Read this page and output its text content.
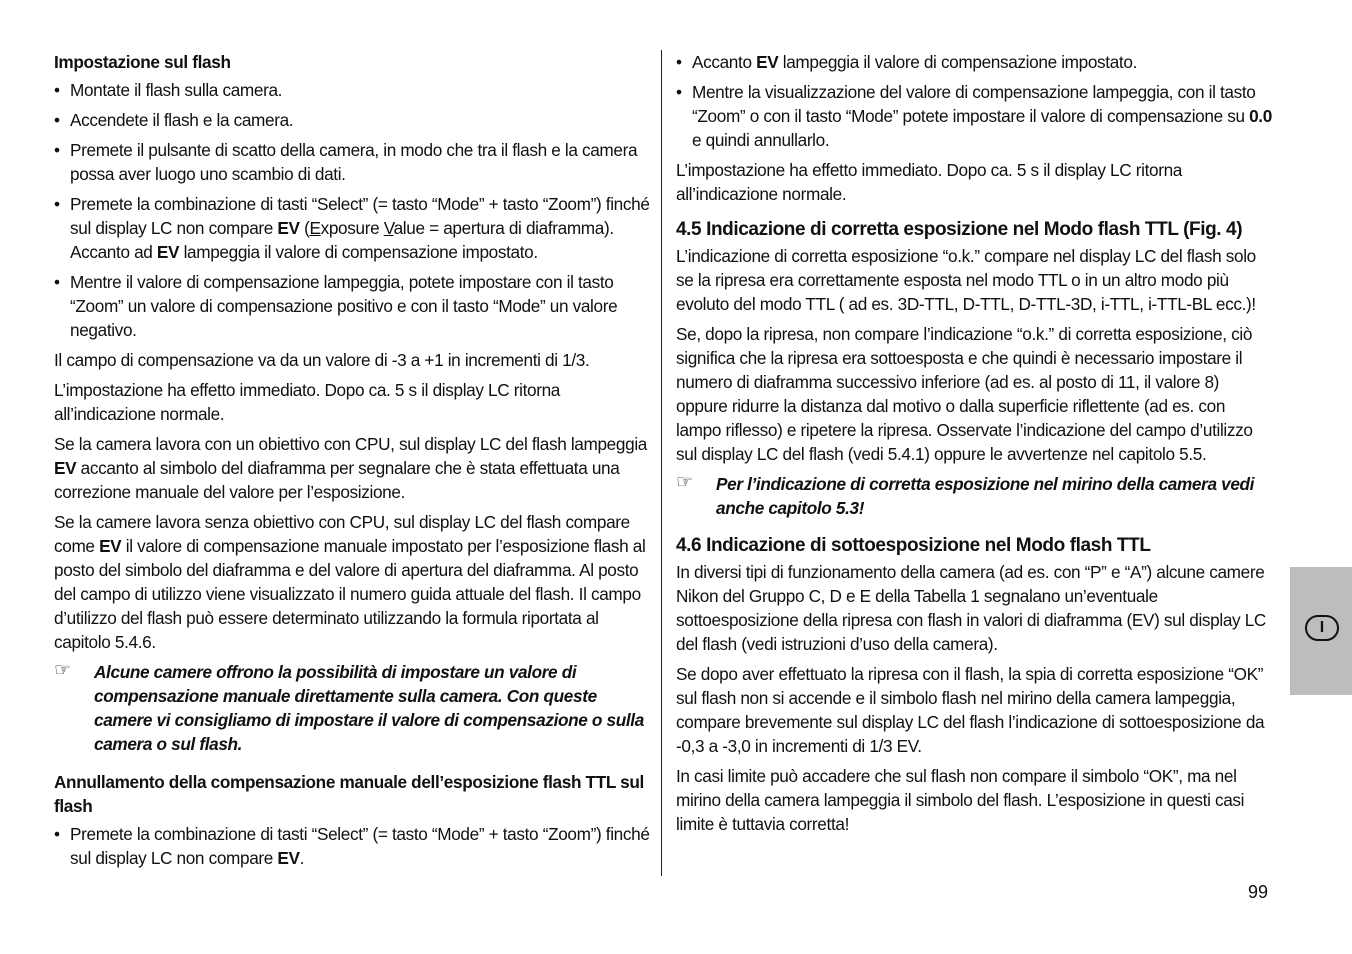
Impostazione sul flash

• Montate il flash sulla camera.
• Accendete il flash e la camera.
• Premete il pulsante di scatto della camera, in modo che tra il flash e la camera possa aver luogo uno scambio di dati.
• Premete la combinazione di tasti “Select” (= tasto “Mode” + tasto “Zoom”) finché sul display LC non compare EV (Exposure Value = apertura di diaframma). Accanto ad EV lampeggia il valore di compensazione impostato.
• Mentre il valore di compensazione lampeggia, potete impostare con il tasto “Zoom” un valore di compensazione positivo e con il tasto “Mode” un valore negativo.

Il campo di compensazione va da un valore di -3 a +1 in incrementi di 1/3.

L’impostazione ha effetto immediato. Dopo ca. 5 s il display LC ritorna all’indicazione normale.

Se la camera lavora con un obiettivo con CPU, sul display LC del flash lampeggia EV accanto al simbolo del diaframma per segnalare che è stata effettuata una correzione manuale del valore per l’esposizione.

Se la camere lavora senza obiettivo con CPU, sul display LC del flash compare come EV il valore di compensazione manuale impostato per l’esposizione flash al posto del simbolo del diaframma e del valore di apertura del diaframma. Al posto del campo di utilizzo viene visualizzato il numero guida attuale del flash. Il campo d’utilizzo del flash può essere determinato utilizzando la formula riportata al capitolo 5.4.6.

☞ Alcune camere offrono la possibilità di impostare un valore di compensazione manuale direttamente sulla camera. Con queste camere vi consigliamo di impostare il valore di compensazione o sulla camera o sul flash.

Annullamento della compensazione manuale dell’esposizione flash TTL sul flash

• Premete la combinazione di tasti “Select” (= tasto “Mode” + tasto “Zoom”) finché sul display LC non compare EV.
• Accanto EV lampeggia il valore di compensazione impostato.
• Mentre la visualizzazione del valore di compensazione lampeggia, con il tasto “Zoom” o con il tasto “Mode” potete impostare il valore di compensazione su 0.0 e quindi annullarlo.

L’impostazione ha effetto immediato. Dopo ca. 5 s il display LC ritorna all’indicazione normale.

4.5 Indicazione di corretta esposizione nel Modo flash TTL (Fig. 4)

L’indicazione di corretta esposizione “o.k.” compare nel display LC del flash solo se la ripresa era correttamente esposta nel modo TTL o in un altro modo più evoluto del modo TTL ( ad es. 3D-TTL, D-TTL, D-TTL-3D, i-TTL, i-TTL-BL ecc.)!

Se, dopo la ripresa, non compare l’indicazione “o.k.” di corretta esposizione, ciò significa che la ripresa era sottoesposta e che quindi è necessario impostare il numero di diaframma successivo inferiore (ad es. al posto di 11, il valore 8) oppure ridurre la distanza dal motivo o dalla superficie riflettente (ad es. con lampo riflesso) e ripetere la ripresa. Osservate l’indicazione del campo d’utilizzo sul display LC del flash (vedi 5.4.1) oppure le avvertenze nel capitolo 5.5.

☞ Per l’indicazione di corretta esposizione nel mirino della camera vedi anche capitolo 5.3!

4.6 Indicazione di sottoesposizione nel Modo flash TTL

In diversi tipi di funzionamento della camera (ad es. con “P” e “A”) alcune camere Nikon del Gruppo C, D e E della Tabella 1 segnalano un’eventuale sottoesposizione della ripresa con flash in valori di diaframma (EV) sul display LC del flash (vedi istruzioni d’uso della camera).

Se dopo aver effettuato la ripresa con il flash, la spia di corretta esposizione “OK” sul flash non si accende e il simbolo flash nel mirino della camera lampeggia, compare brevemente sul display LC del flash l’indicazione di sottoesposizione da -0,3 a -3,0 in incrementi di 1/3 EV.

In casi limite può accadere che sul flash non compare il simbolo “OK”, ma nel mirino della camera lampeggia il simbolo del flash. L’esposizione in questi casi limite è tuttavia corretta!

I
99
